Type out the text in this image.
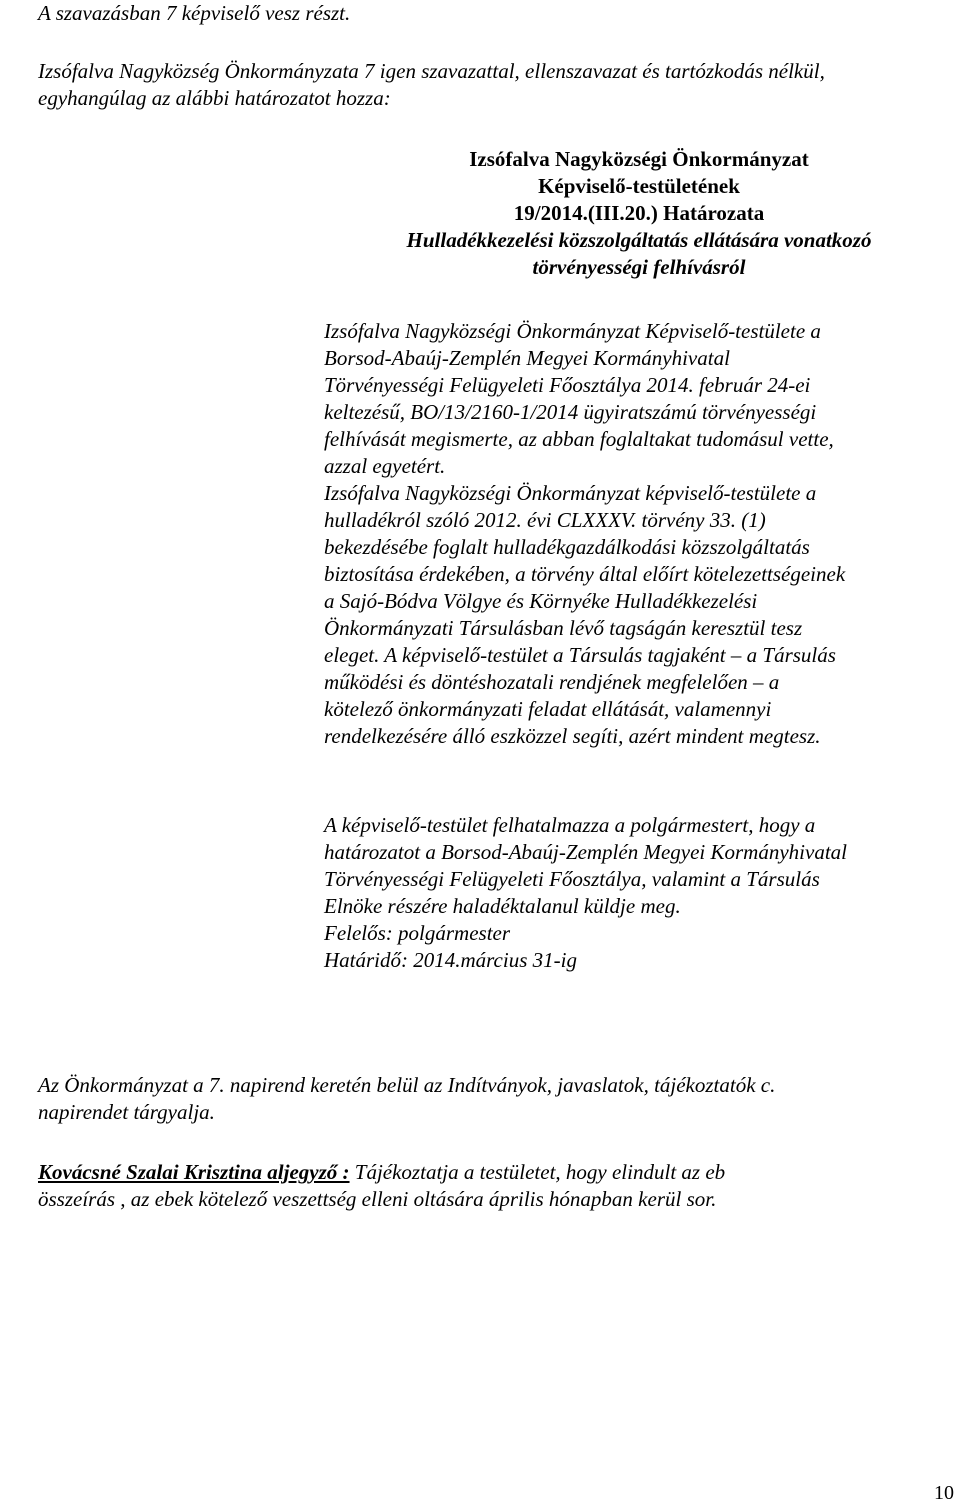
A szavazásban 7 képviselő vesz részt.

Izsófalva Nagyközség Önkormányzata 7 igen szavazattal, ellenszavazat és tartózkodás nélkül,

egyhangúlag az alábbi határozatot hozza:

Izsófalva Nagyközségi Önkormányzat

Képviselő-testületének

19/2014.(III.20.) Határozata

Hulladékkezelési közszolgáltatás ellátására vonatkozó

törvényességi felhívásról

Izsófalva Nagyközségi Önkormányzat Képviselő-testülete a

Borsod-Abaúj-Zemplén Megyei Kormányhivatal

Törvényességi Felügyeleti Főosztálya 2014. február 24-ei

keltezésű, BO/13/2160-1/2014 ügyiratszámú törvényességi

felhívását megismerte, az abban foglaltakat tudomásul vette,

azzal egyetért.

Izsófalva Nagyközségi Önkormányzat képviselő-testülete a

hulladékról szóló 2012. évi CLXXXV. törvény 33. (1)

bekezdésébe foglalt hulladékgazdálkodási közszolgáltatás

biztosítása érdekében, a törvény által előírt kötelezettségeinek

a Sajó-Bódva Völgye és Környéke Hulladékkezelési

Önkormányzati Társulásban lévő tagságán keresztül tesz

eleget. A képviselő-testület a Társulás tagjaként – a Társulás

működési és döntéshozatali rendjének megfelelően – a

kötelező önkormányzati feladat ellátását, valamennyi

rendelkezésére álló eszközzel segíti, azért mindent megtesz.

A képviselő-testület felhatalmazza a polgármestert, hogy a

határozatot a Borsod-Abaúj-Zemplén Megyei Kormányhivatal

Törvényességi Felügyeleti Főosztálya, valamint a Társulás

Elnöke részére haladéktalanul küldje meg.

Felelős: polgármester

Határidő: 2014.március 31-ig

Az Önkormányzat a 7. napirend keretén belül az Indítványok, javaslatok, tájékoztatók c.

napirendet tárgyalja.

Kovácsné Szalai Krisztina aljegyző : Tájékoztatja a testületet, hogy elindult az eb

összeírás , az ebek kötelező veszettség elleni oltására április hónapban kerül sor.

10
